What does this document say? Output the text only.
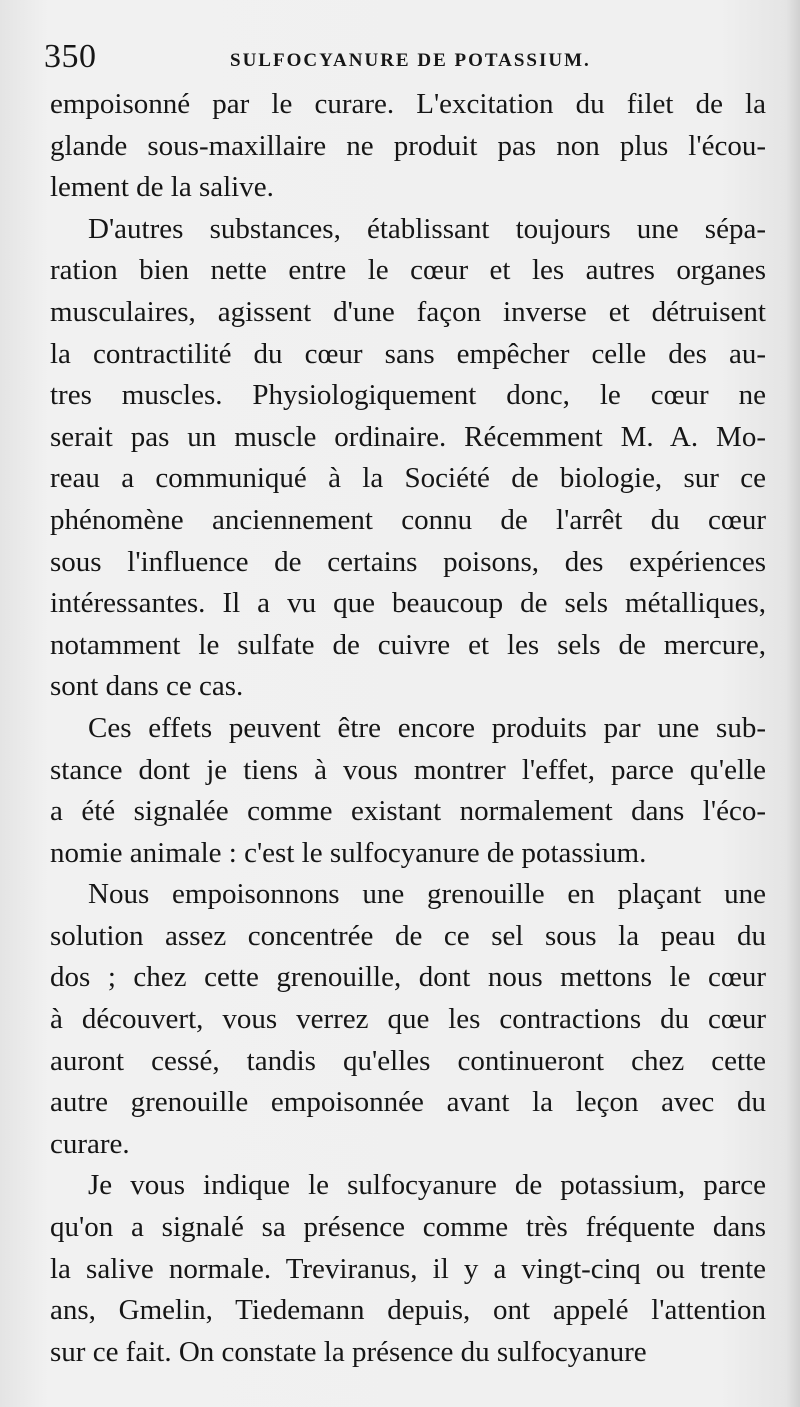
350	SULFOCYANURE DE POTASSIUM.
empoisonné par le curare. L'excitation du filet de la
glande sous-maxillaire ne produit pas non plus l'écou-
lement de la salive.
D'autres substances, établissant toujours une sépa-
ration bien nette entre le cœur et les autres organes
musculaires, agissent d'une façon inverse et détruisent
la contractilité du cœur sans empêcher celle des au-
tres muscles. Physiologiquement donc, le cœur ne
serait pas un muscle ordinaire. Récemment M. A. Mo-
reau a communiqué à la Société de biologie, sur ce
phénomène anciennement connu de l'arrêt du cœur
sous l'influence de certains poisons, des expériences
intéressantes. Il a vu que beaucoup de sels métalliques,
notamment le sulfate de cuivre et les sels de mercure,
sont dans ce cas.
Ces effets peuvent être encore produits par une sub-
stance dont je tiens à vous montrer l'effet, parce qu'elle
a été signalée comme existant normalement dans l'éco-
nomie animale : c'est le sulfocyanure de potassium.
Nous empoisonnons une grenouille en plaçant une
solution assez concentrée de ce sel sous la peau du
dos ; chez cette grenouille, dont nous mettons le cœur
à découvert, vous verrez que les contractions du cœur
auront cessé, tandis qu'elles continueront chez cette
autre grenouille empoisonnée avant la leçon avec du
curare.
Je vous indique le sulfocyanure de potassium, parce
qu'on a signalé sa présence comme très fréquente dans
la salive normale. Treviranus, il y a vingt-cinq ou trente
ans, Gmelin, Tiedemann depuis, ont appelé l'attention
sur ce fait. On constate la présence du sulfocyanure
